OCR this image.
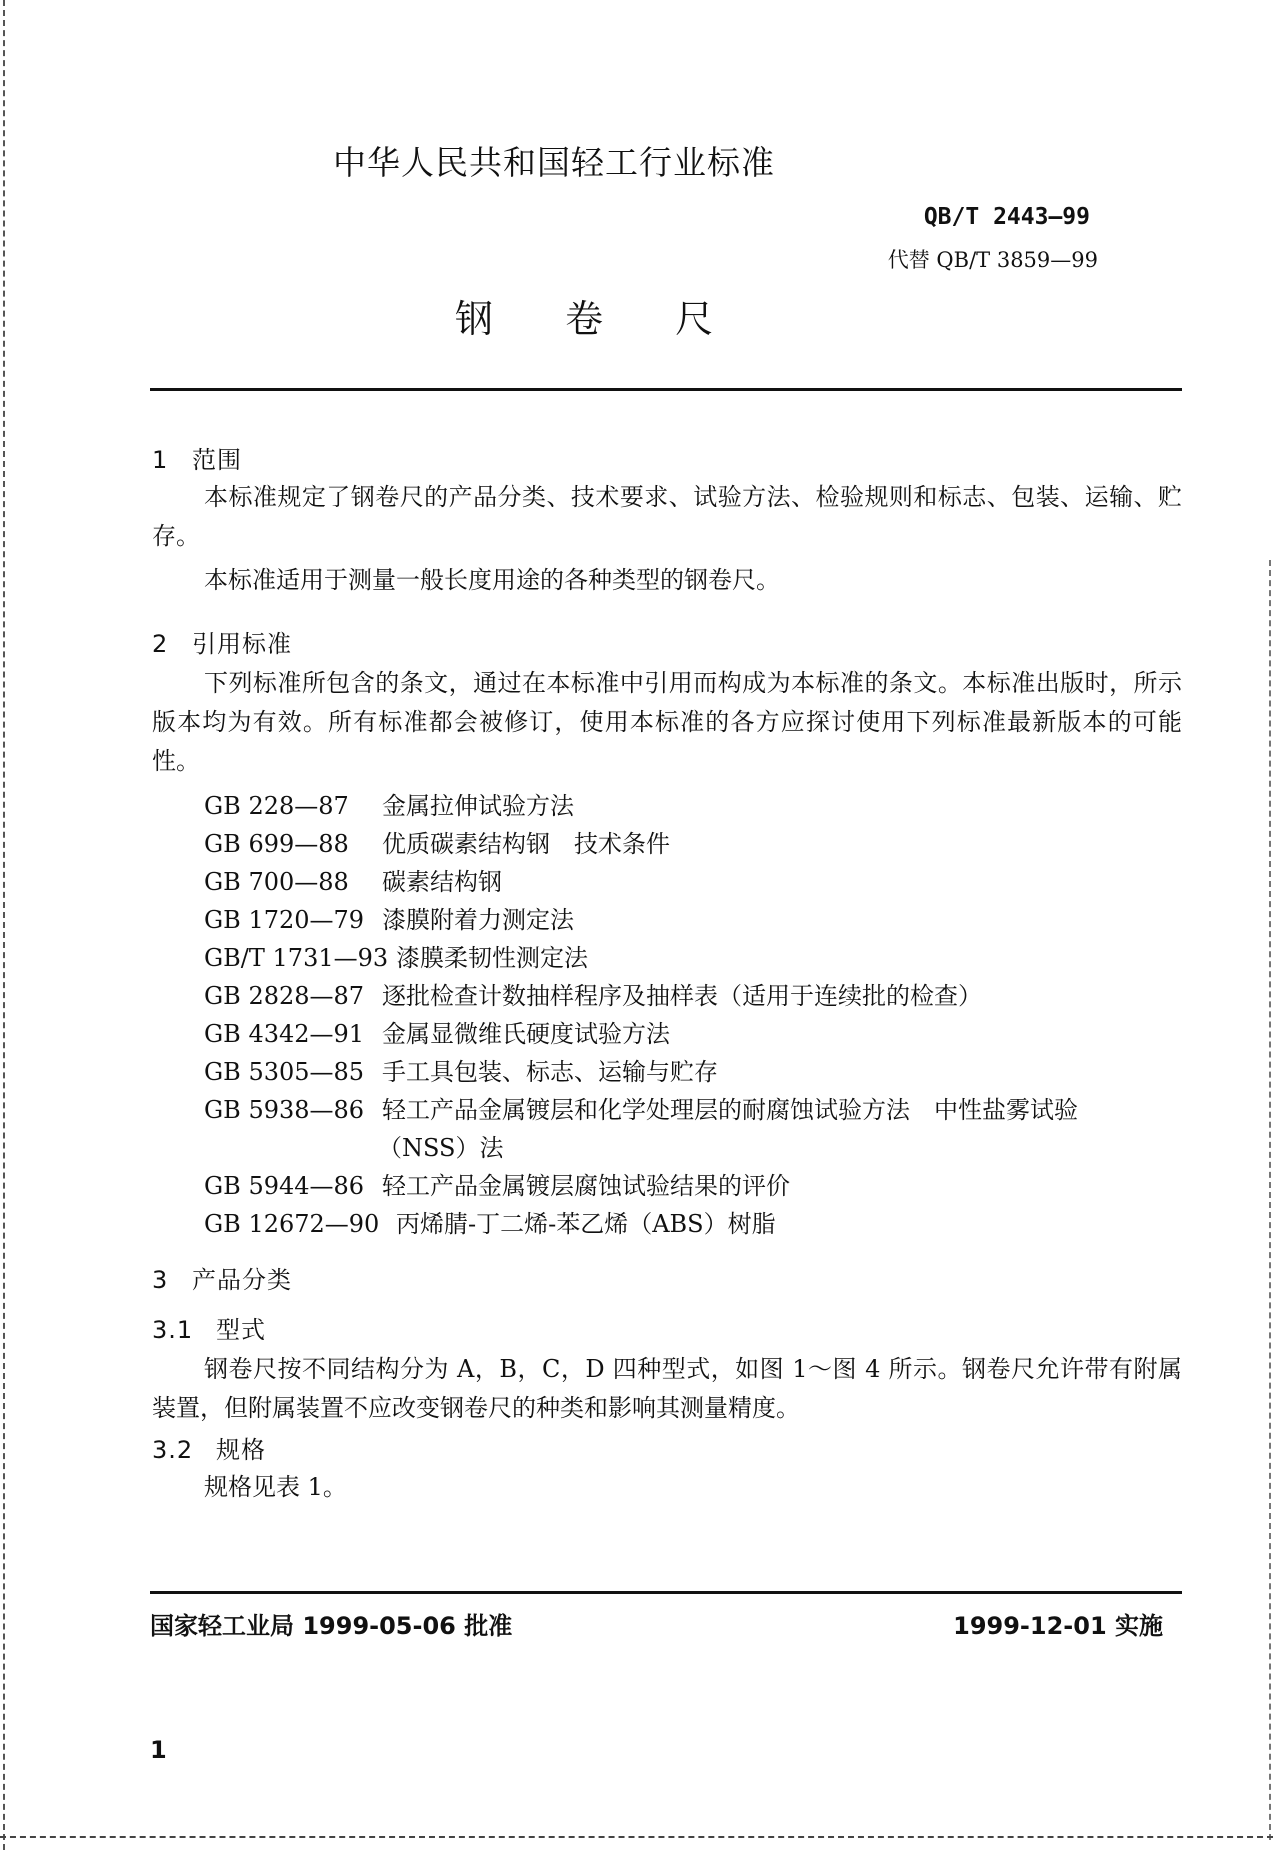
中华人民共和国轻工行业标准
QB/T 2443—99
代替 QB/T 3859—99
钢 卷 尺
1 范围
本标准规定了钢卷尺的产品分类、技术要求、试验方法、检验规则和标志、包装、运输、贮存。
本标准适用于测量一般长度用途的各种类型的钢卷尺。
2 引用标准
下列标准所包含的条文，通过在本标准中引用而构成为本标准的条文。本标准出版时，所示版本均为有效。所有标准都会被修订，使用本标准的各方应探讨使用下列标准最新版本的可能性。
GB 228—87 金属拉伸试验方法
GB 699—88 优质碳素结构钢　技术条件
GB 700—88 碳素结构钢
GB 1720—79 漆膜附着力测定法
GB/T 1731—93 漆膜柔韧性测定法
GB 2828—87 逐批检查计数抽样程序及抽样表（适用于连续批的检查）
GB 4342—91 金属显微维氏硬度试验方法
GB 5305—85 手工具包装、标志、运输与贮存
GB 5938—86 轻工产品金属镀层和化学处理层的耐腐蚀试验方法　中性盐雾试验
（NSS）法
GB 5944—86 轻工产品金属镀层腐蚀试验结果的评价
GB 12672—90 丙烯腈-丁二烯-苯乙烯（ABS）树脂
3 产品分类
3.1 型式
钢卷尺按不同结构分为 A，B，C，D 四种型式，如图 1～图 4 所示。钢卷尺允许带有附属装置，但附属装置不应改变钢卷尺的种类和影响其测量精度。
3.2 规格
规格见表 1。
国家轻工业局 1999-05-06 批准	1999-12-01 实施
1
